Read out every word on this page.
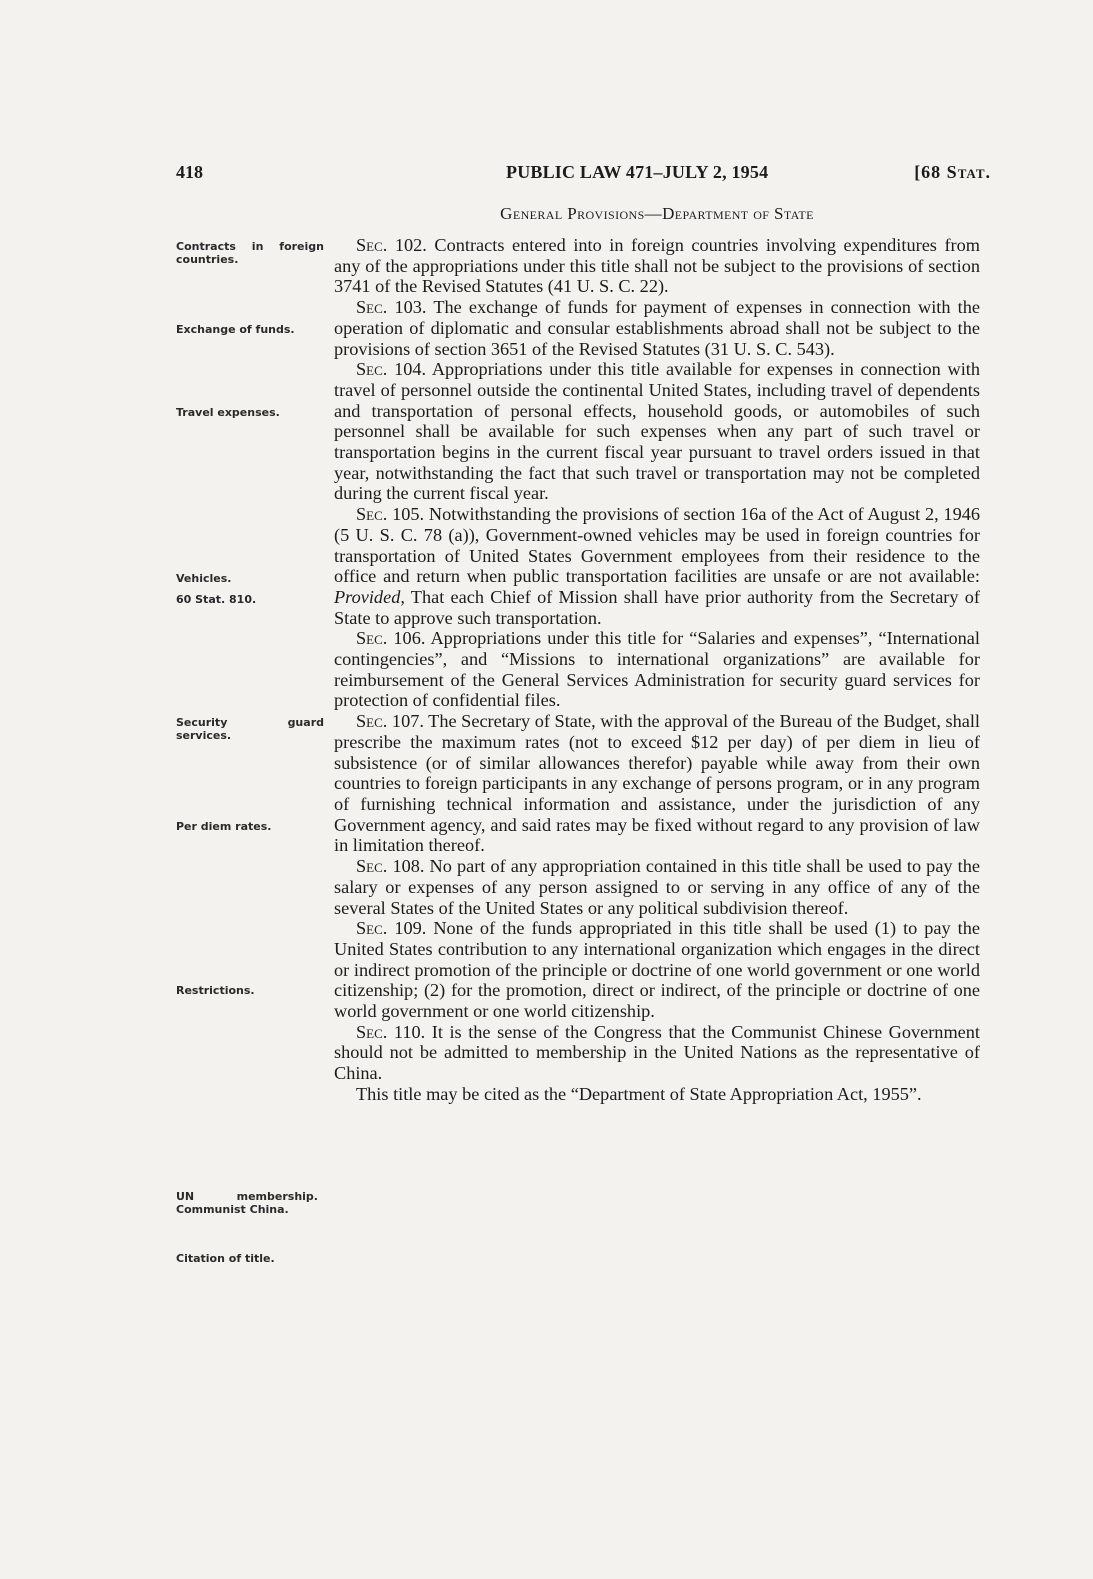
418	PUBLIC LAW 471–JULY 2, 1954	[68 Stat.
General Provisions—Department of State
Contracts in foreign countries.
Exchange of funds.
Travel expenses.
Vehicles.
60 Stat. 810.
Security guard services.
Per diem rates.
Restrictions.
UN membership. Communist China.
Citation of title.

Sec. 102. Contracts entered into in foreign countries involving expenditures from any of the appropriations under this title shall not be subject to the provisions of section 3741 of the Revised Statutes (41 U. S. C. 22).

Sec. 103. The exchange of funds for payment of expenses in connection with the operation of diplomatic and consular establishments abroad shall not be subject to the provisions of section 3651 of the Revised Statutes (31 U. S. C. 543).

Sec. 104. Appropriations under this title available for expenses in connection with travel of personnel outside the continental United States, including travel of dependents and transportation of personal effects, household goods, or automobiles of such personnel shall be available for such expenses when any part of such travel or transportation begins in the current fiscal year pursuant to travel orders issued in that year, notwithstanding the fact that such travel or transportation may not be completed during the current fiscal year.

Sec. 105. Notwithstanding the provisions of section 16a of the Act of August 2, 1946 (5 U. S. C. 78 (a)), Government-owned vehicles may be used in foreign countries for transportation of United States Government employees from their residence to the office and return when public transportation facilities are unsafe or are not available: Provided, That each Chief of Mission shall have prior authority from the Secretary of State to approve such transportation.

Sec. 106. Appropriations under this title for “Salaries and expenses”, “International contingencies”, and “Missions to international organizations” are available for reimbursement of the General Services Administration for security guard services for protection of confidential files.

Sec. 107. The Secretary of State, with the approval of the Bureau of the Budget, shall prescribe the maximum rates (not to exceed $12 per day) of per diem in lieu of subsistence (or of similar allowances therefor) payable while away from their own countries to foreign participants in any exchange of persons program, or in any program of furnishing technical information and assistance, under the jurisdiction of any Government agency, and said rates may be fixed without regard to any provision of law in limitation thereof.

Sec. 108. No part of any appropriation contained in this title shall be used to pay the salary or expenses of any person assigned to or serving in any office of any of the several States of the United States or any political subdivision thereof.

Sec. 109. None of the funds appropriated in this title shall be used (1) to pay the United States contribution to any international organization which engages in the direct or indirect promotion of the principle or doctrine of one world government or one world citizenship; (2) for the promotion, direct or indirect, of the principle or doctrine of one world government or one world citizenship.

Sec. 110. It is the sense of the Congress that the Communist Chinese Government should not be admitted to membership in the United Nations as the representative of China.

This title may be cited as the “Department of State Appropriation Act, 1955”.
